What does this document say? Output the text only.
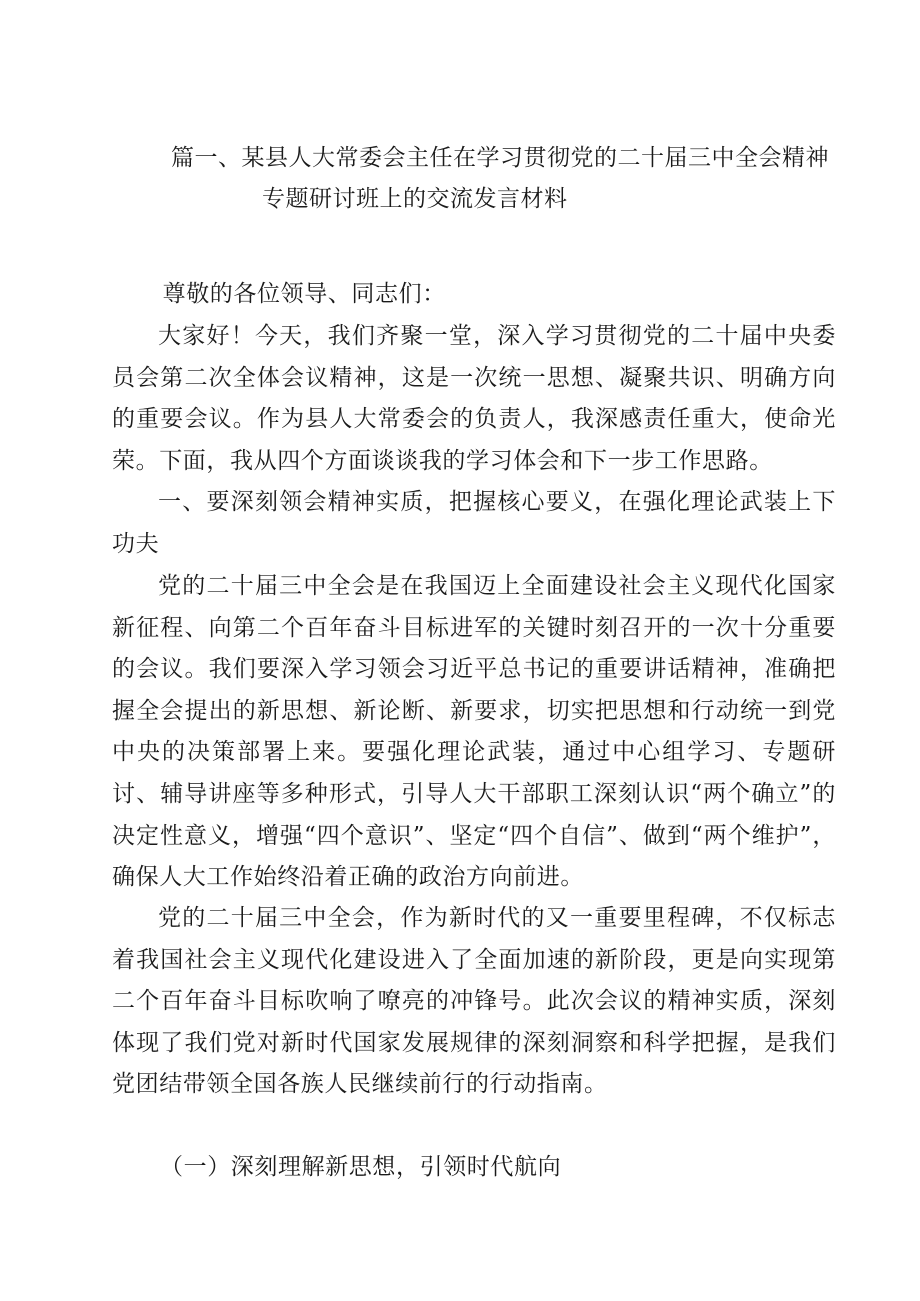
篇一、某县人大常委会主任在学习贯彻党的二十届三中全会精神
专题研讨班上的交流发言材料

尊敬的各位领导、同志们：

大家好！今天，我们齐聚一堂，深入学习贯彻党的二十届中央委员会第二次全体会议精神，这是一次统一思想、凝聚共识、明确方向的重要会议。作为县人大常委会的负责人，我深感责任重大，使命光荣。下面，我从四个方面谈谈我的学习体会和下一步工作思路。

一、要深刻领会精神实质，把握核心要义，在强化理论武装上下功夫

党的二十届三中全会是在我国迈上全面建设社会主义现代化国家新征程、向第二个百年奋斗目标进军的关键时刻召开的一次十分重要的会议。我们要深入学习领会习近平总书记的重要讲话精神，准确把握全会提出的新思想、新论断、新要求，切实把思想和行动统一到党中央的决策部署上来。要强化理论武装，通过中心组学习、专题研讨、辅导讲座等多种形式，引导人大干部职工深刻认识“两个确立”的决定性意义，增强“四个意识”、坚定“四个自信”、做到“两个维护”，确保人大工作始终沿着正确的政治方向前进。

党的二十届三中全会，作为新时代的又一重要里程碑，不仅标志着我国社会主义现代化建设进入了全面加速的新阶段，更是向实现第二个百年奋斗目标吹响了嘹亮的冲锋号。此次会议的精神实质，深刻体现了我们党对新时代国家发展规律的深刻洞察和科学把握，是我们党团结带领全国各族人民继续前行的行动指南。

（一）深刻理解新思想，引领时代航向
